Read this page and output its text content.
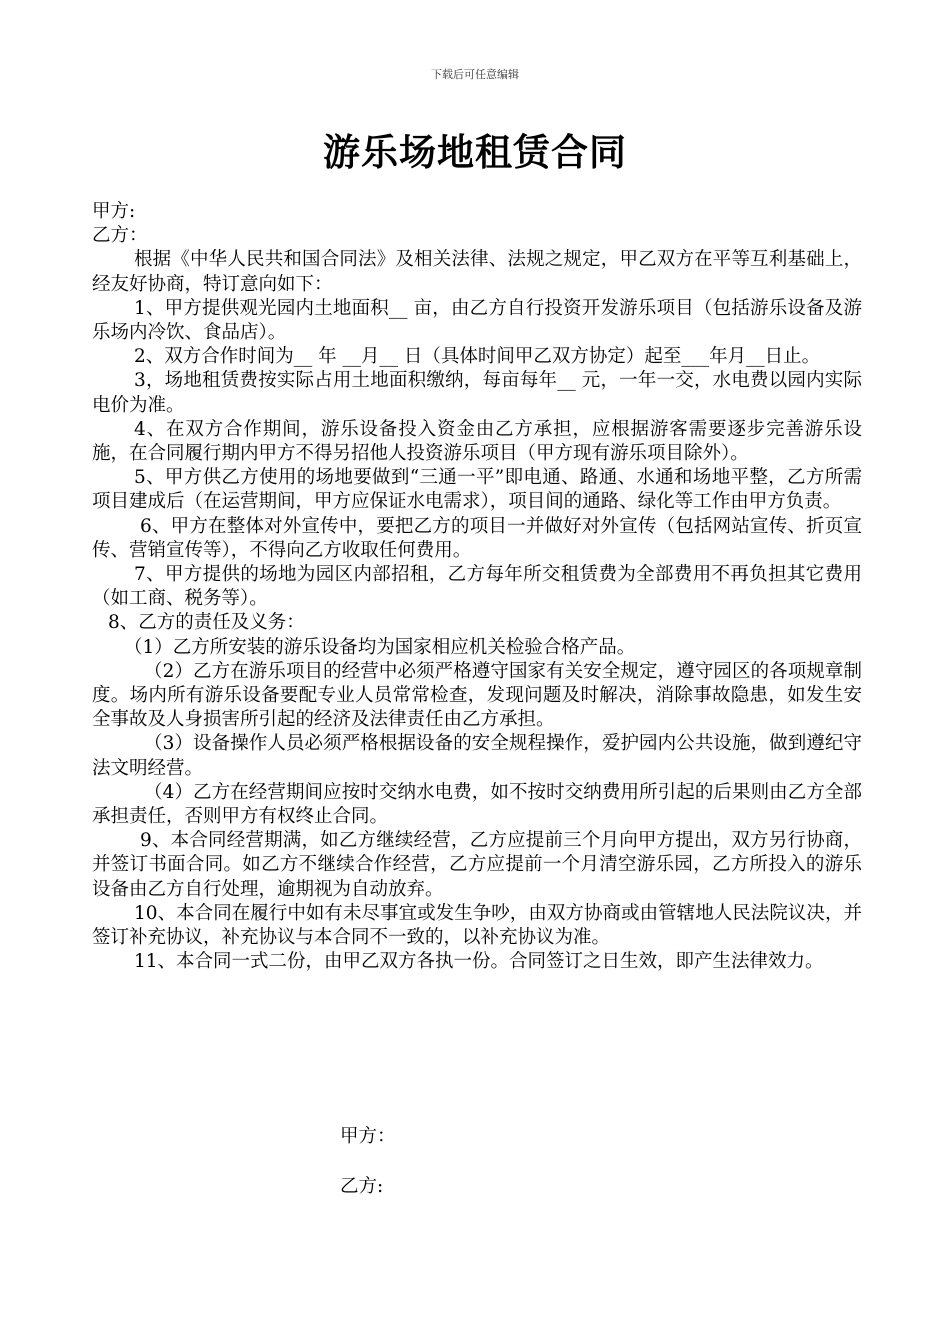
下载后可任意编辑
游乐场地租赁合同

甲方:

乙方：

根据《中华人民共和国合同法》及相关法律、法规之规定，甲乙双方在平等互利基础上，经友好协商，特订意向如下：

1、甲方提供观光园内土地面积__ 亩，由乙方自行投资开发游乐项目（包括游乐设备及游乐场内冷饮、食品店）。

2、双方合作时间为__ 年 __月__ 日（具体时间甲乙双方协定）起至___年月__日止。

3，场地租赁费按实际占用土地面积缴纳，每亩每年__ 元，一年一交，水电费以园内实际电价为准。

4、在双方合作期间，游乐设备投入资金由乙方承担，应根据游客需要逐步完善游乐设施，在合同履行期内甲方不得另招他人投资游乐项目（甲方现有游乐项目除外）。

5、甲方供乙方使用的场地要做到“三通一平”即电通、路通、水通和场地平整，乙方所需项目建成后（在运营期间，甲方应保证水电需求），项目间的通路、绿化等工作由甲方负责。

6、甲方在整体对外宣传中，要把乙方的项目一并做好对外宣传（包括网站宣传、折页宣传、营销宣传等），不得向乙方收取任何费用。

7、甲方提供的场地为园区内部招租，乙方每年所交租赁费为全部费用不再负担其它费用（如工商、税务等）。

8、乙方的责任及义务：

（1）乙方所安装的游乐设备均为国家相应机关检验合格产品。

（2）乙方在游乐项目的经营中必须严格遵守国家有关安全规定，遵守园区的各项规章制度。场内所有游乐设备要配专业人员常常检查，发现问题及时解决，消除事故隐患，如发生安全事故及人身损害所引起的经济及法律责任由乙方承担。

（3）设备操作人员必须严格根据设备的安全规程操作，爱护园内公共设施，做到遵纪守法文明经营。

（4）乙方在经营期间应按时交纳水电费，如不按时交纳费用所引起的后果则由乙方全部承担责任，否则甲方有权终止合同。

9、本合同经营期满，如乙方继续经营，乙方应提前三个月向甲方提出，双方另行协商，并签订书面合同。如乙方不继续合作经营，乙方应提前一个月清空游乐园，乙方所投入的游乐设备由乙方自行处理，逾期视为自动放弃。

10、本合同在履行中如有未尽事宜或发生争吵，由双方协商或由管辖地人民法院议决，并签订补充协议，补充协议与本合同不一致的，以补充协议为准。

11、本合同一式二份，由甲乙双方各执一份。合同签订之日生效，即产生法律效力。

甲方：
乙方:
